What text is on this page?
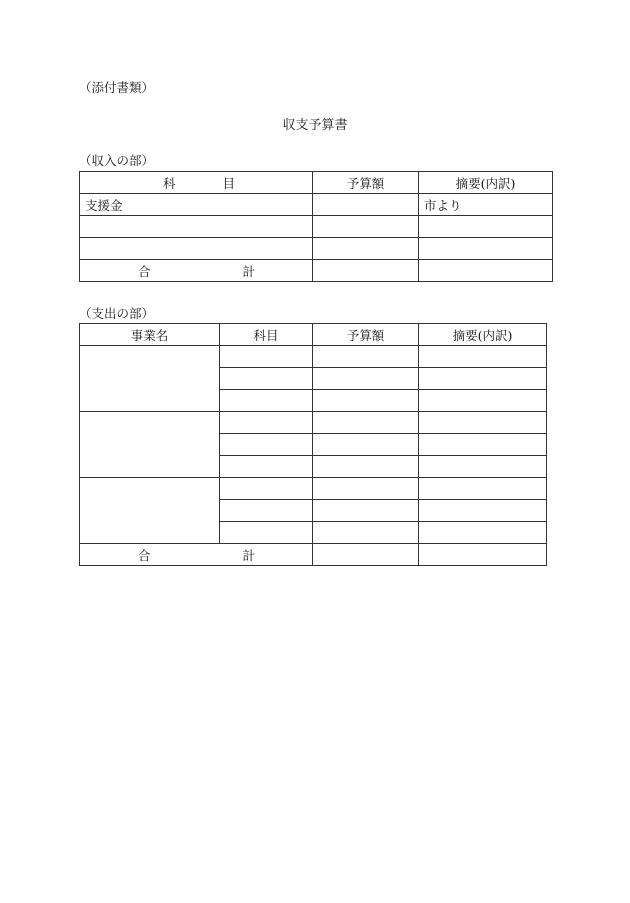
（添付書類）
収支予算書
（収入の部）
科 目	予算額	摘要(内訳)
支援金		市より

合 計		

（支出の部）
事業名	科目	予算額	摘要(内訳)

合 計			
